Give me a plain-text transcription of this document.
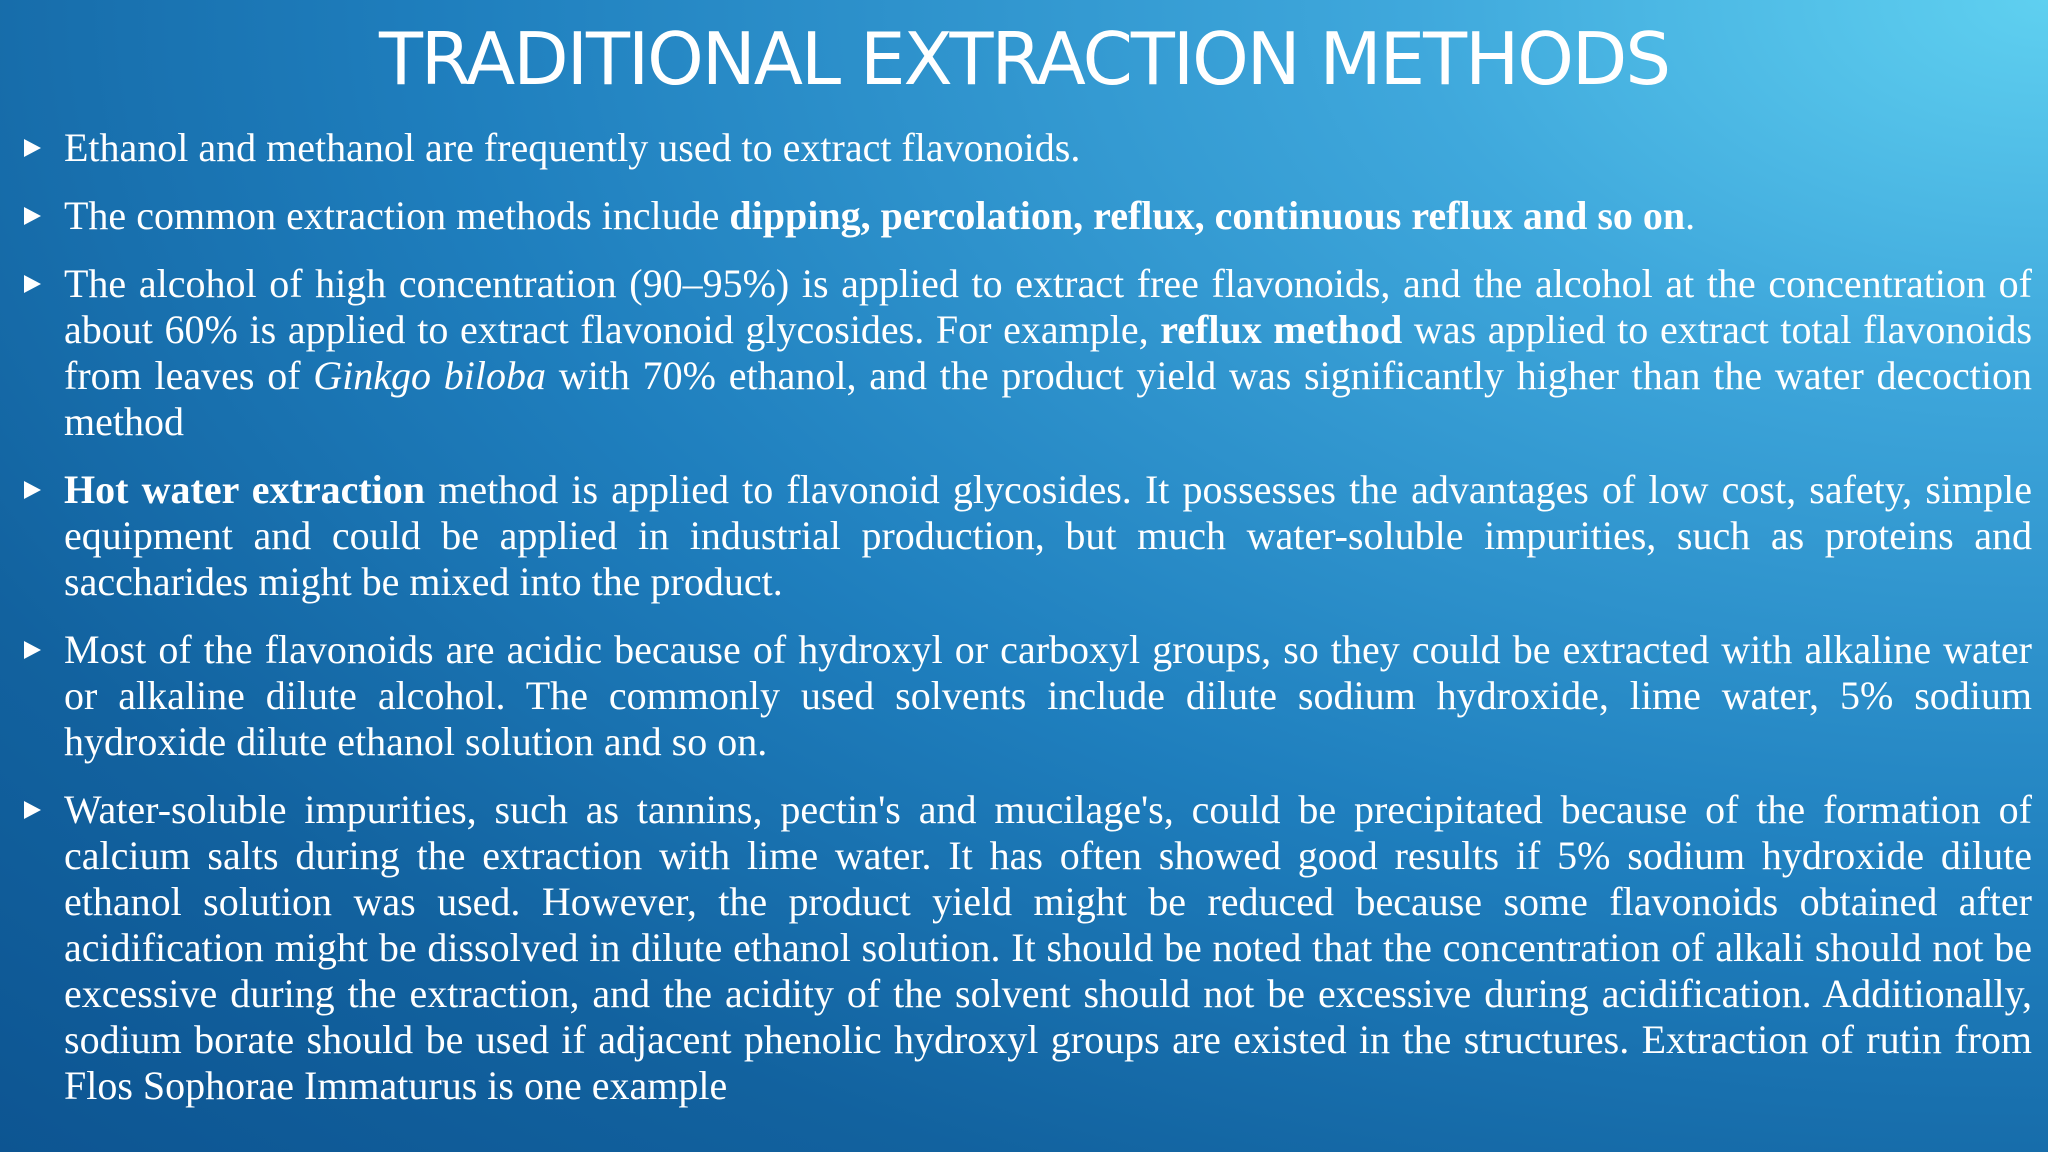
TRADITIONAL EXTRACTION METHODS
Ethanol and methanol are frequently used to extract flavonoids.
The common extraction methods include dipping, percolation, reflux, continuous reflux and so on.
The alcohol of high concentration (90–95%) is applied to extract free flavonoids, and the alcohol at the concentration of about 60% is applied to extract flavonoid glycosides. For example, reflux method was applied to extract total flavonoids from leaves of Ginkgo biloba with 70% ethanol, and the product yield was significantly higher than the water decoction method
Hot water extraction method is applied to flavonoid glycosides. It possesses the advantages of low cost, safety, simple equipment and could be applied in industrial production, but much water-soluble impurities, such as proteins and saccharides might be mixed into the product.
Most of the flavonoids are acidic because of hydroxyl or carboxyl groups, so they could be extracted with alkaline water or alkaline dilute alcohol. The commonly used solvents include dilute sodium hydroxide, lime water, 5% sodium hydroxide dilute ethanol solution and so on.
Water-soluble impurities, such as tannins, pectin's and mucilage's, could be precipitated because of the formation of calcium salts during the extraction with lime water. It has often showed good results if 5% sodium hydroxide dilute ethanol solution was used. However, the product yield might be reduced because some flavonoids obtained after acidification might be dissolved in dilute ethanol solution. It should be noted that the concentration of alkali should not be excessive during the extraction, and the acidity of the solvent should not be excessive during acidification. Additionally, sodium borate should be used if adjacent phenolic hydroxyl groups are existed in the structures. Extraction of rutin from Flos Sophorae Immaturus is one example
